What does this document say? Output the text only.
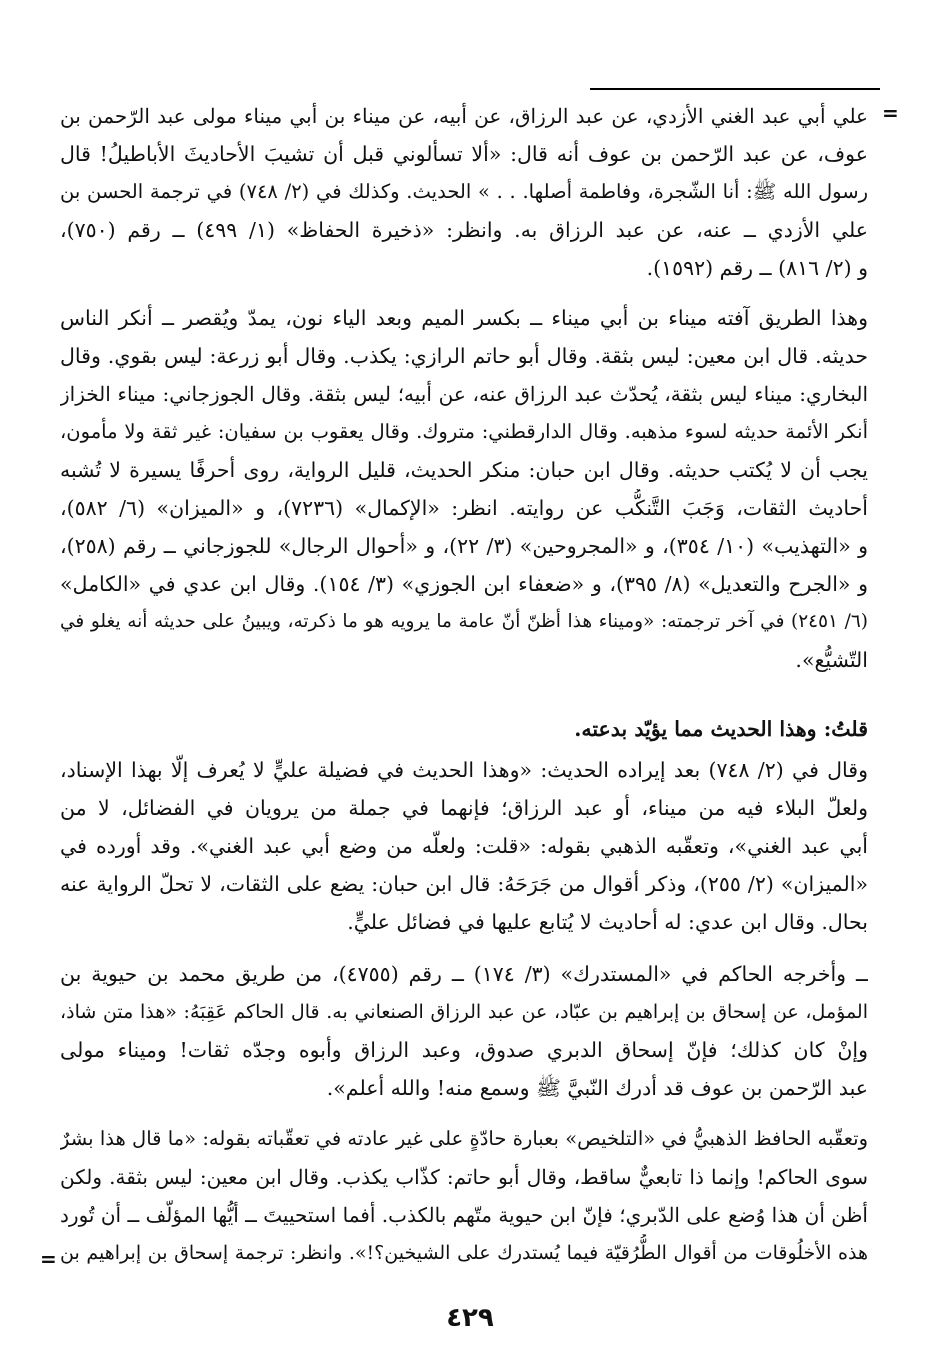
=
علي أبي عبد الغني الأزدي، عن عبد الرزاق، عن أبيه، عن ميناء بن أبي ميناء مولى عبد الرّحمن بن
عوف، عن عبد الرّحمن بن عوف أنه قال: «ألا تسألوني قبل أن تشيبَ الأحاديثَ الأباطيلُ! قال
رسول الله ﷺ: أنا الشّجرة، وفاطمة أصلها. . . » الحديث. وكذلك في (٢/ ٧٤٨) في ترجمة الحسن بن
علي الأزدي ــ عنه، عن عبد الرزاق به. وانظر: «ذخيرة الحفاظ» (١/ ٤٩٩) ــ رقم (٧٥٠)،
و (٢/ ٨١٦) ــ رقم (١٥٩٢).
وهذا الطريق آفته ميناء بن أبي ميناء ــ بكسر الميم وبعد الياء نون، يمدّ ويُقصر ــ أنكر الناس
حديثه. قال ابن معين: ليس بثقة. وقال أبو حاتم الرازي: يكذب. وقال أبو زرعة: ليس بقوي. وقال
البخاري: ميناء ليس بثقة، يُحدّث عبد الرزاق عنه، عن أبيه؛ ليس بثقة. وقال الجوزجاني: ميناء الخزاز
أنكر الأئمة حديثه لسوء مذهبه. وقال الدارقطني: متروك. وقال يعقوب بن سفيان: غير ثقة ولا مأمون،
يجب أن لا يُكتب حديثه. وقال ابن حبان: منكر الحديث، قليل الرواية، روى أحرفًا يسيرة لا تُشبه
أحاديث الثقات، وَجَبَ التَّنكُّب عن روايته. انظر: «الإكمال» (٧٢٣٦)، و «الميزان» (٦/ ٥٨٢)،
و «التهذيب» (١٠/ ٣٥٤)، و «المجروحين» (٣/ ٢٢)، و «أحوال الرجال» للجوزجاني ــ رقم (٢٥٨)،
و «الجرح والتعديل» (٨/ ٣٩٥)، و «ضعفاء ابن الجوزي» (٣/ ١٥٤). وقال ابن عدي في «الكامل»
(٦/ ٢٤٥١) في آخر ترجمته: «وميناء هذا أظنّ أنّ عامة ما يرويه هو ما ذكرته، ويبينُ على حديثه أنه يغلو في
التّشيُّع».
قلتُ: وهذا الحديث مما يؤيّد بدعته.
وقال في (٢/ ٧٤٨) بعد إيراده الحديث: «وهذا الحديث في فضيلة عليٍّ لا يُعرف إلّا بهذا الإسناد،
ولعلّ البلاء فيه من ميناء، أو عبد الرزاق؛ فإنهما في جملة من يرويان في الفضائل، لا من
أبي عبد الغني»، وتعقّبه الذهبي بقوله: «قلت: ولعلّه من وضع أبي عبد الغني». وقد أورده في
«الميزان» (٢/ ٢٥٥)، وذكر أقوال من جَرَحَهُ: قال ابن حبان: يضع على الثقات، لا تحلّ الرواية عنه
بحال. وقال ابن عدي: له أحاديث لا يُتابع عليها في فضائل عليٍّ.
ــ وأخرجه الحاكم في «المستدرك» (٣/ ١٧٤) ــ رقم (٤٧٥٥)، من طريق محمد بن حيوية بن
المؤمل، عن إسحاق بن إبراهيم بن عبّاد، عن عبد الرزاق الصنعاني به. قال الحاكم عَقِبَهُ: «هذا متن شاذ،
وإنْ كان كذلك؛ فإنّ إسحاق الدبري صدوق، وعبد الرزاق وأبوه وجدّه ثقات! وميناء مولى
عبد الرّحمن بن عوف قد أدرك النّبيَّ ﷺ وسمع منه! والله أعلم».
وتعقّبه الحافظ الذهبيُّ في «التلخيص» بعبارة حادّةٍ على غير عادته في تعقّباته بقوله: «ما قال هذا بشرٌ
سوى الحاكم! وإنما ذا تابعيٌّ ساقط، وقال أبو حاتم: كذّاب يكذب. وقال ابن معين: ليس بثقة. ولكن
أظن أن هذا وُضع على الدّبري؛ فإنّ ابن حيوية متّهم بالكذب. أفما استحييتَ ــ أيُّها المؤلّف ــ أن تُورد
هذه الأخلُوقات من أقوال الطُّرُقيّة فيما يُستدرك على الشيخين؟!». وانظر: ترجمة إسحاق بن إبراهيم بن
=
٤٢٩
